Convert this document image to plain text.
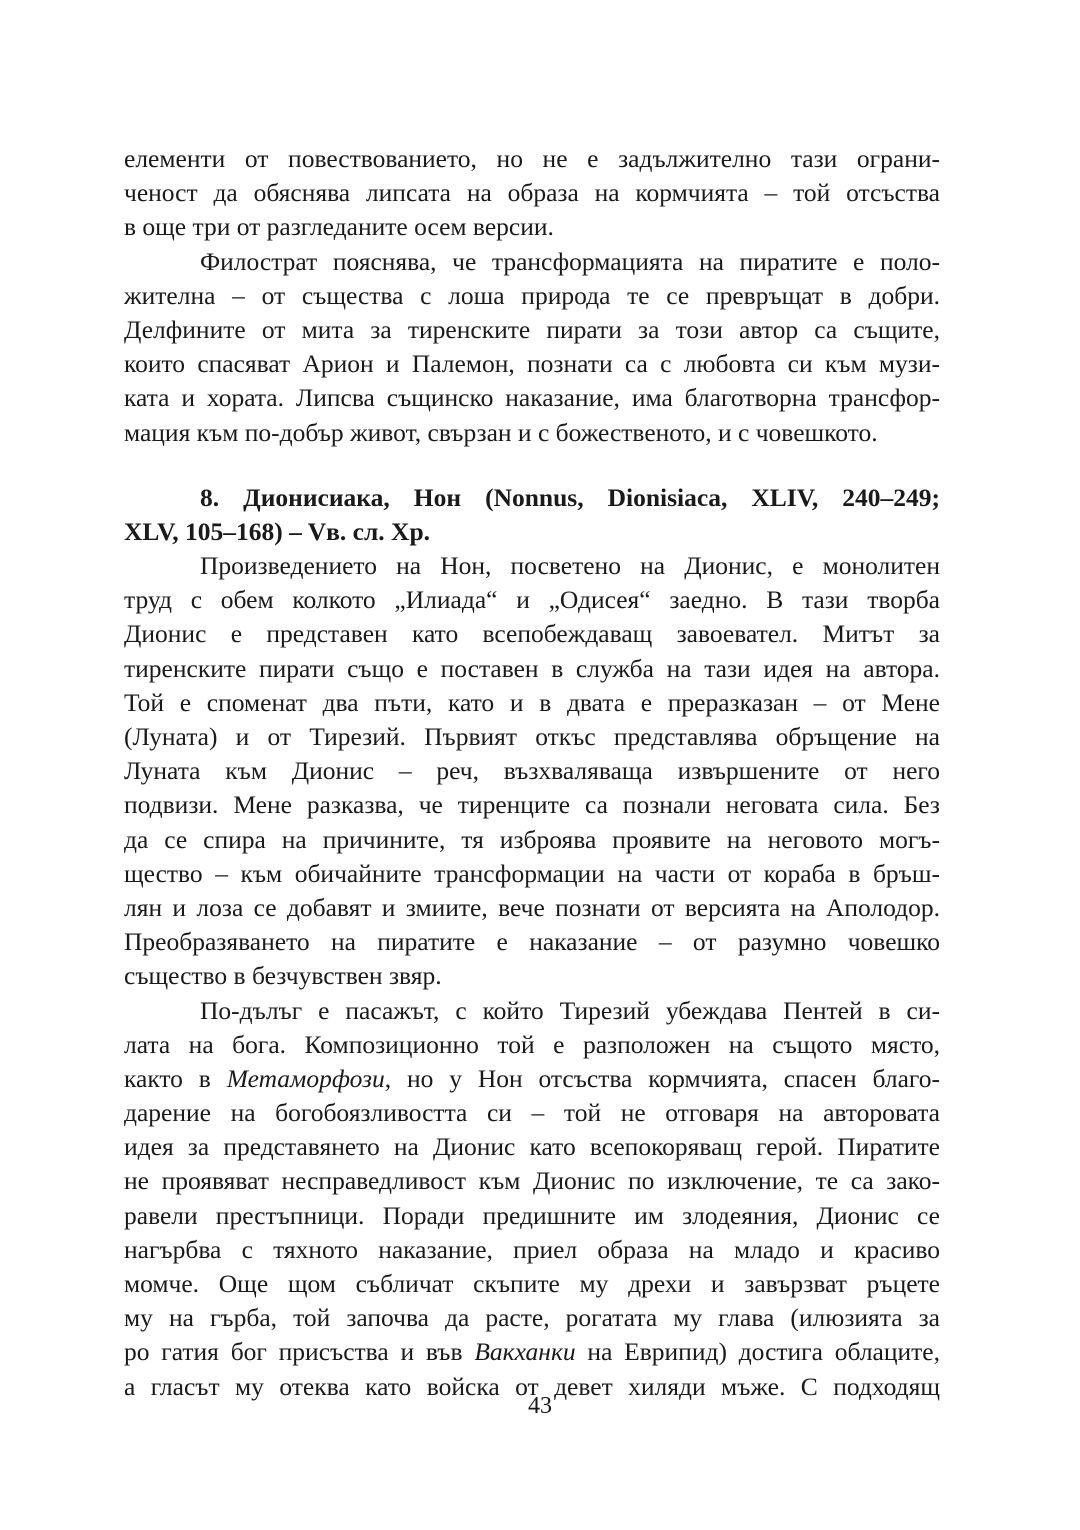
елементи от повествованието, но не е задължително тази ограни-
ченост да обяснява липсата на образа на кормчията – той отсъства
в още три от разгледаните осем версии.
Филострат пояснява, че трансформацията на пиратите е поло-
жителна – от същества с лоша природа те се превръщат в добри.
Делфините от мита за тиренските пирати за този автор са същите,
които спасяват Арион и Палемон, познати са с любовта си към музи-
ката и хората. Липсва същинско наказание, има благотворна трансфор-
мация към по-добър живот, свързан и с божественото, и с човешкото.
8. Дионисиака, Нон (Nonnus, Dionisiaca, XLIV, 240–249;
XLV, 105–168) – Vв. сл. Хр.
Произведението на Нон, посветено на Дионис, е монолитен
труд с обем колкото „Илиада“ и „Одисея“ заедно. В тази творба
Дионис е представен като всепобеждаващ завоевател. Митът за
тиренските пирати също е поставен в служба на тази идея на автора.
Той е споменат два пъти, като и в двата е преразказан – от Мене
(Луната) и от Тирезий. Първият откъс представлява обръщение на
Луната към Дионис – реч, възхваляваща извършените от него
подвизи. Мене разказва, че тиренците са познали неговата сила. Без
да се спира на причините, тя изброява проявите на неговото могъ-
щество – към обичайните трансформации на части от кораба в бръш-
лян и лоза се добавят и змиите, вече познати от версията на Аполодор.
Преобразяването на пиратите е наказание – от разумно човешко
същество в безчувствен звяр.
По-дълъг е пасажът, с който Тирезий убеждава Пентей в си-
лата на бога. Композиционно той е разположен на същото място,
както в Метаморфози, но у Нон отсъства кормчията, спасен благо-
дарение на богобоязливостта си – той не отговаря на авторовата
идея за представянето на Дионис като всепокоряващ герой. Пиратите
не проявяват несправедливост към Дионис по изключение, те са зако-
равели престъпници. Поради предишните им злодеяния, Дионис се
нагърбва с тяхното наказание, приел образа на младо и красиво
момче. Още щом събличат скъпите му дрехи и завързват ръцете
му на гърба, той започва да расте, рогатата му глава (илюзията за
ро гатия бог присъства и във Вакханки на Еврипид) достига облаците,
а гласът му отеква като войска от девет хиляди мъже. С подходящ
43
